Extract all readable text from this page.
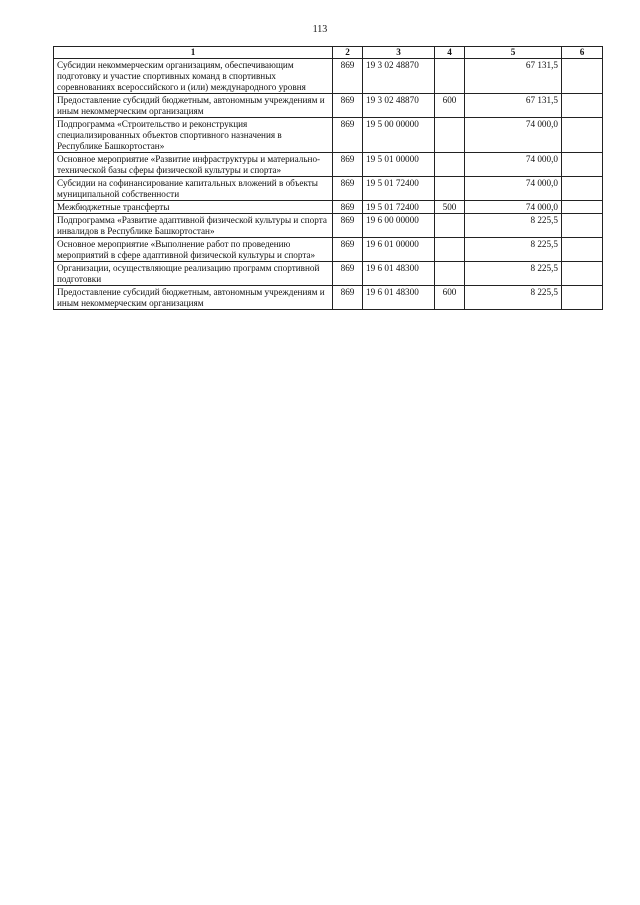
113
1	2	3	4	5	6
Субсидии некоммерческим организациям, обеспечивающим подготовку и участие спортивных команд в спортивных соревнованиях всероссийского и (или) международного уровня	869	19 3 02 48870		67 131,5	
Предоставление субсидий бюджетным, автономным учреждениям и иным некоммерческим организациям	869	19 3 02 48870	600	67 131,5	
Подпрограмма «Строительство и реконструкция специализированных объектов спортивного назначения в Республике Башкортостан»	869	19 5 00 00000		74 000,0	
Основное мероприятие «Развитие инфраструктуры и материально-технической базы сферы физической культуры и спорта»	869	19 5 01 00000		74 000,0	
Субсидии на софинансирование капитальных вложений в объекты муниципальной собственности	869	19 5 01 72400		74 000,0	
Межбюджетные трансферты	869	19 5 01 72400	500	74 000,0	
Подпрограмма «Развитие адаптивной физической культуры и спорта инвалидов в Республике Башкортостан»	869	19 6 00 00000		8 225,5	
Основное мероприятие «Выполнение работ по проведению мероприятий в сфере адаптивной физической культуры и спорта»	869	19 6 01 00000		8 225,5	
Организации, осуществляющие реализацию программ спортивной подготовки	869	19 6 01 48300		8 225,5	
Предоставление субсидий бюджетным, автономным учреждениям и иным некоммерческим организациям	869	19 6 01 48300	600	8 225,5	
